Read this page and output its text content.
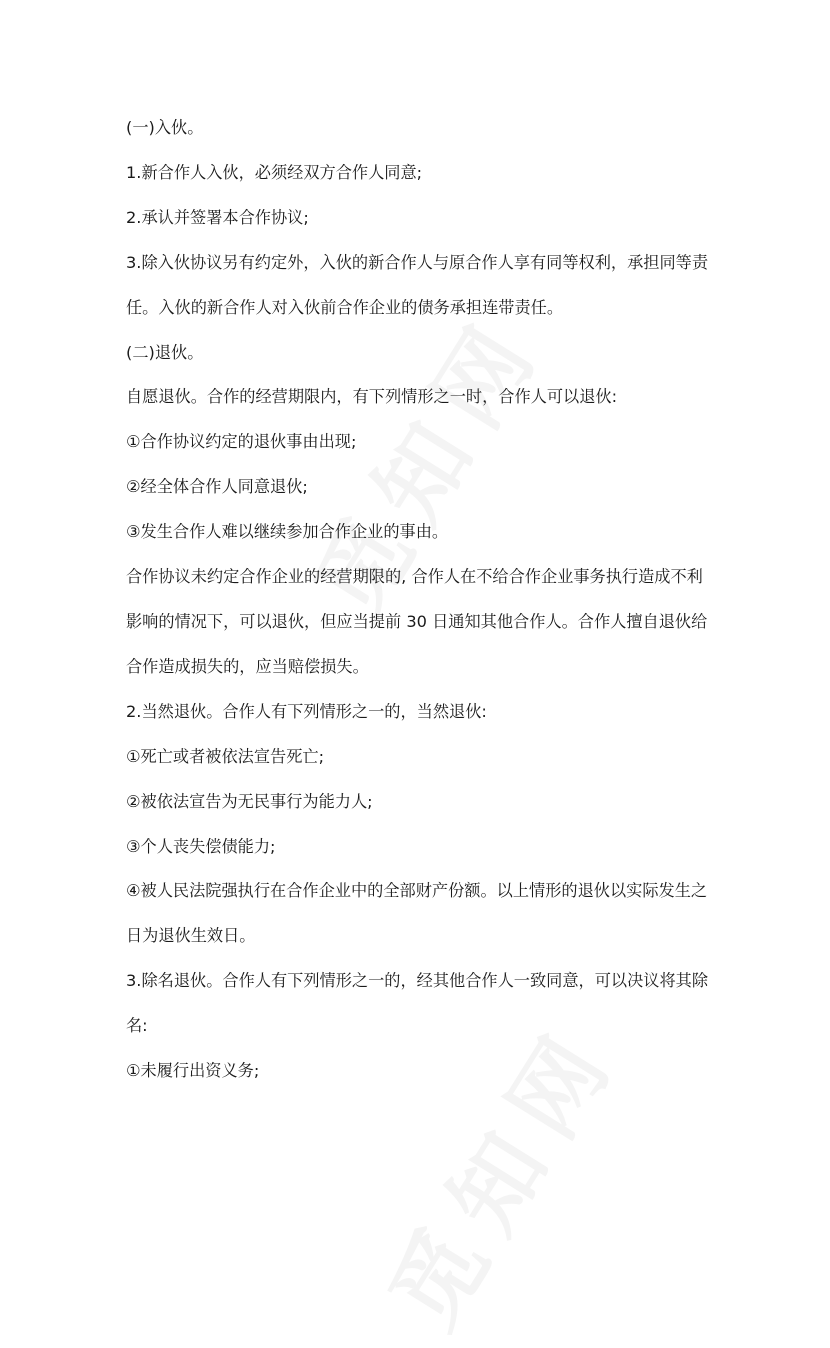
(一)入伙。

1.新合作人入伙，必须经双方合作人同意;

2.承认并签署本合作协议;

3.除入伙协议另有约定外，入伙的新合作人与原合作人享有同等权利，承担同等责任。入伙的新合作人对入伙前合作企业的债务承担连带责任。

(二)退伙。

自愿退伙。合作的经营期限内，有下列情形之一时，合作人可以退伙:

①合作协议约定的退伙事由出现;

②经全体合作人同意退伙;

③发生合作人难以继续参加合作企业的事由。

合作协议未约定合作企业的经营期限的, 合作人在不给合作企业事务执行造成不利影响的情况下，可以退伙，但应当提前 30 日通知其他合作人。合作人擅自退伙给合作造成损失的，应当赔偿损失。

2.当然退伙。合作人有下列情形之一的，当然退伙:

①死亡或者被依法宣告死亡;

②被依法宣告为无民事行为能力人;

③个人丧失偿债能力;

④被人民法院强执行在合作企业中的全部财产份额。以上情形的退伙以实际发生之日为退伙生效日。

3.除名退伙。合作人有下列情形之一的，经其他合作人一致同意，可以决议将其除名:

①未履行出资义务;
